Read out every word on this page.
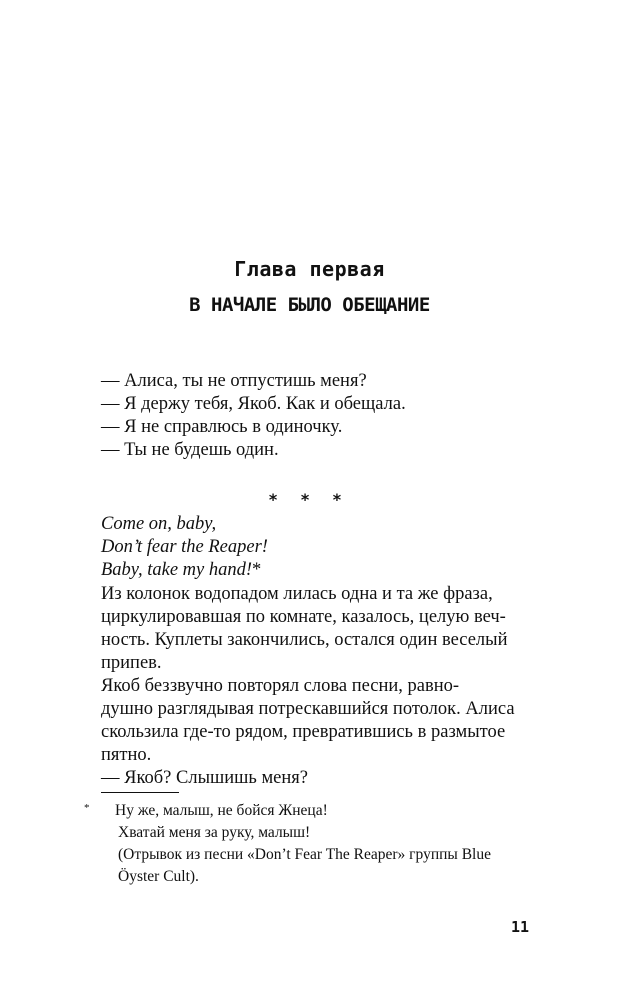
Глава первая
В НАЧАЛЕ БЫЛО ОБЕЩАНИЕ

— Алиса, ты не отпустишь меня?

— Я держу тебя, Якоб. Как и обещала.

— Я не справлюсь в одиночку.

— Ты не будешь один.

* * *

Come on, baby,

Don’t fear the Reaper!

Baby, take my hand!*

Из колонок водопадом лилась одна и та же фраза,

циркулировавшая по комнате, казалось, целую веч-

ность. Куплеты закончились, остался один веселый

припев.

Якоб беззвучно повторял слова песни, равно-

душно разглядывая потрескавшийся потолок. Алиса

скользила где-то рядом, превратившись в размытое

пятно.

— Якоб? Слышишь меня?

* Ну же, малыш, не бойся Жнеца!

Хватай меня за руку, малыш!

(Отрывок из песни «Don’t Fear The Reaper» группы Blue

Öyster Cult).

11
